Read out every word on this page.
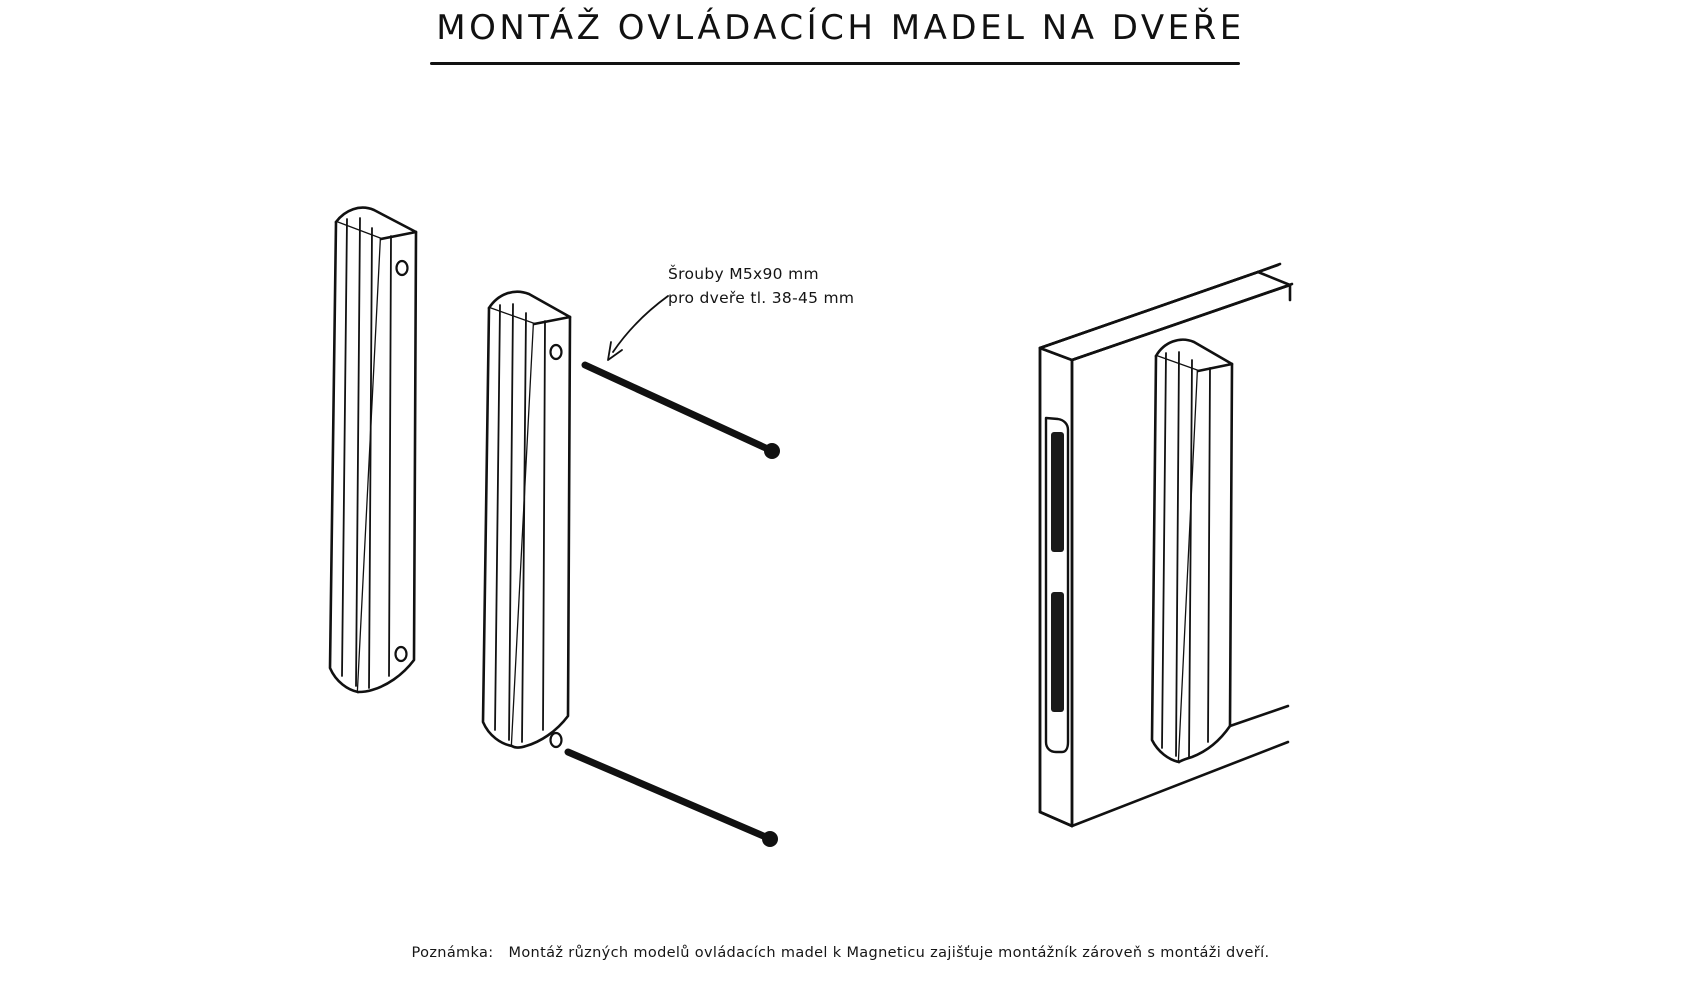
MONTÁŽ OVLÁDACÍCH MADEL NA DVEŘE
Šrouby M5x90 mm
pro dveře tl. 38-45 mm
Poznámka: Montáž různých modelů ovládacích madel k Magneticu zajišťuje montážník zároveň s montáži dveří.
